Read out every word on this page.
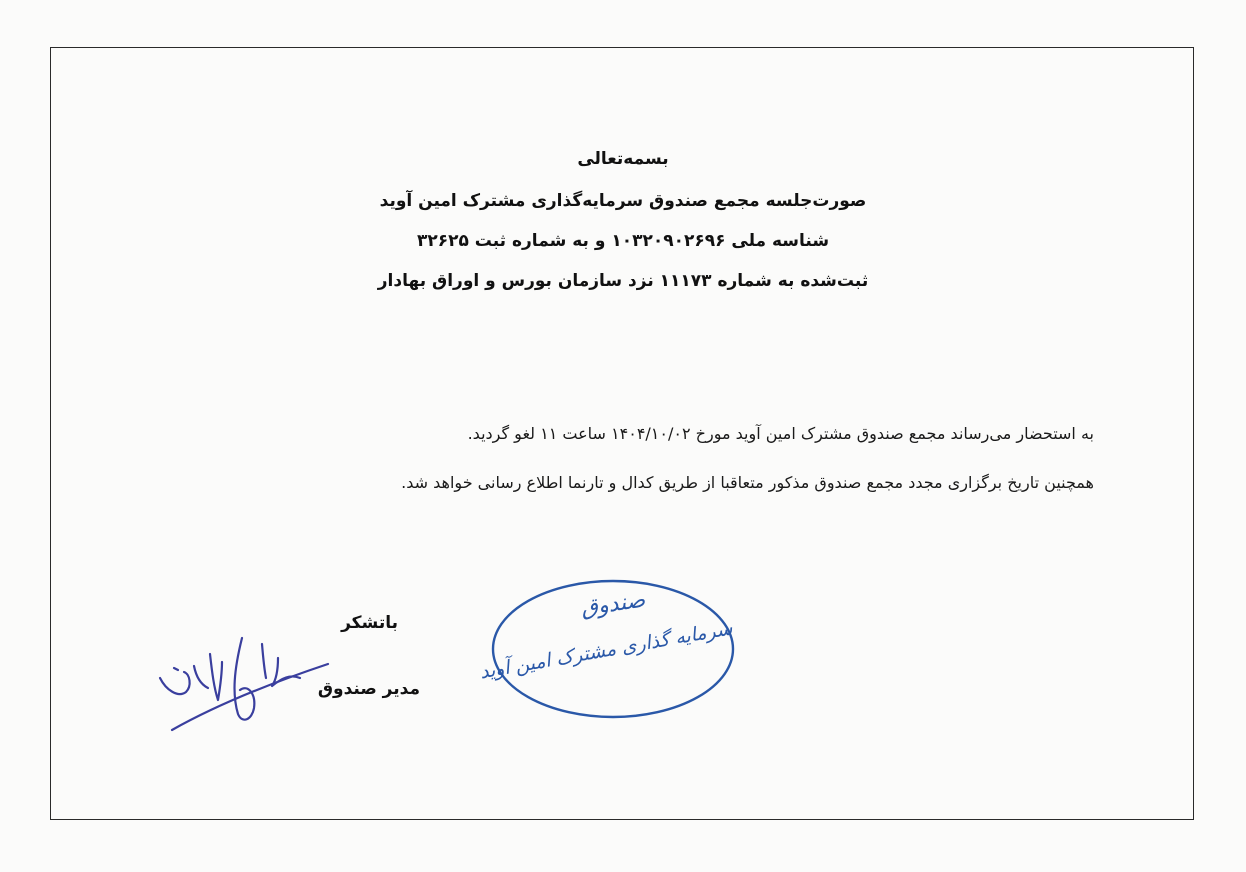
بسمه‌تعالی

صورت‌جلسه مجمع صندوق سرمایه‌گذاری مشترک امین آوید

شناسه ملی ۱۰۳۲۰۹۰۲۶۹۶ و به شماره ثبت ۳۲۶۲۵

ثبت‌شده به شماره ۱۱۱۷۳ نزد سازمان بورس و اوراق بهادار

به استحضار می‌رساند مجمع صندوق مشترک امین آوید مورخ ۱۴۰۴/۱۰/۰۲ ساعت ۱۱ لغو گردید.

همچنین تاریخ برگزاری مجدد مجمع صندوق مذکور متعاقبا از طریق کدال و تارنما اطلاع رسانی خواهد شد.

باتشکر
مدیر صندوق
صندوق
سرمایه گذاری مشترک امین آوید
